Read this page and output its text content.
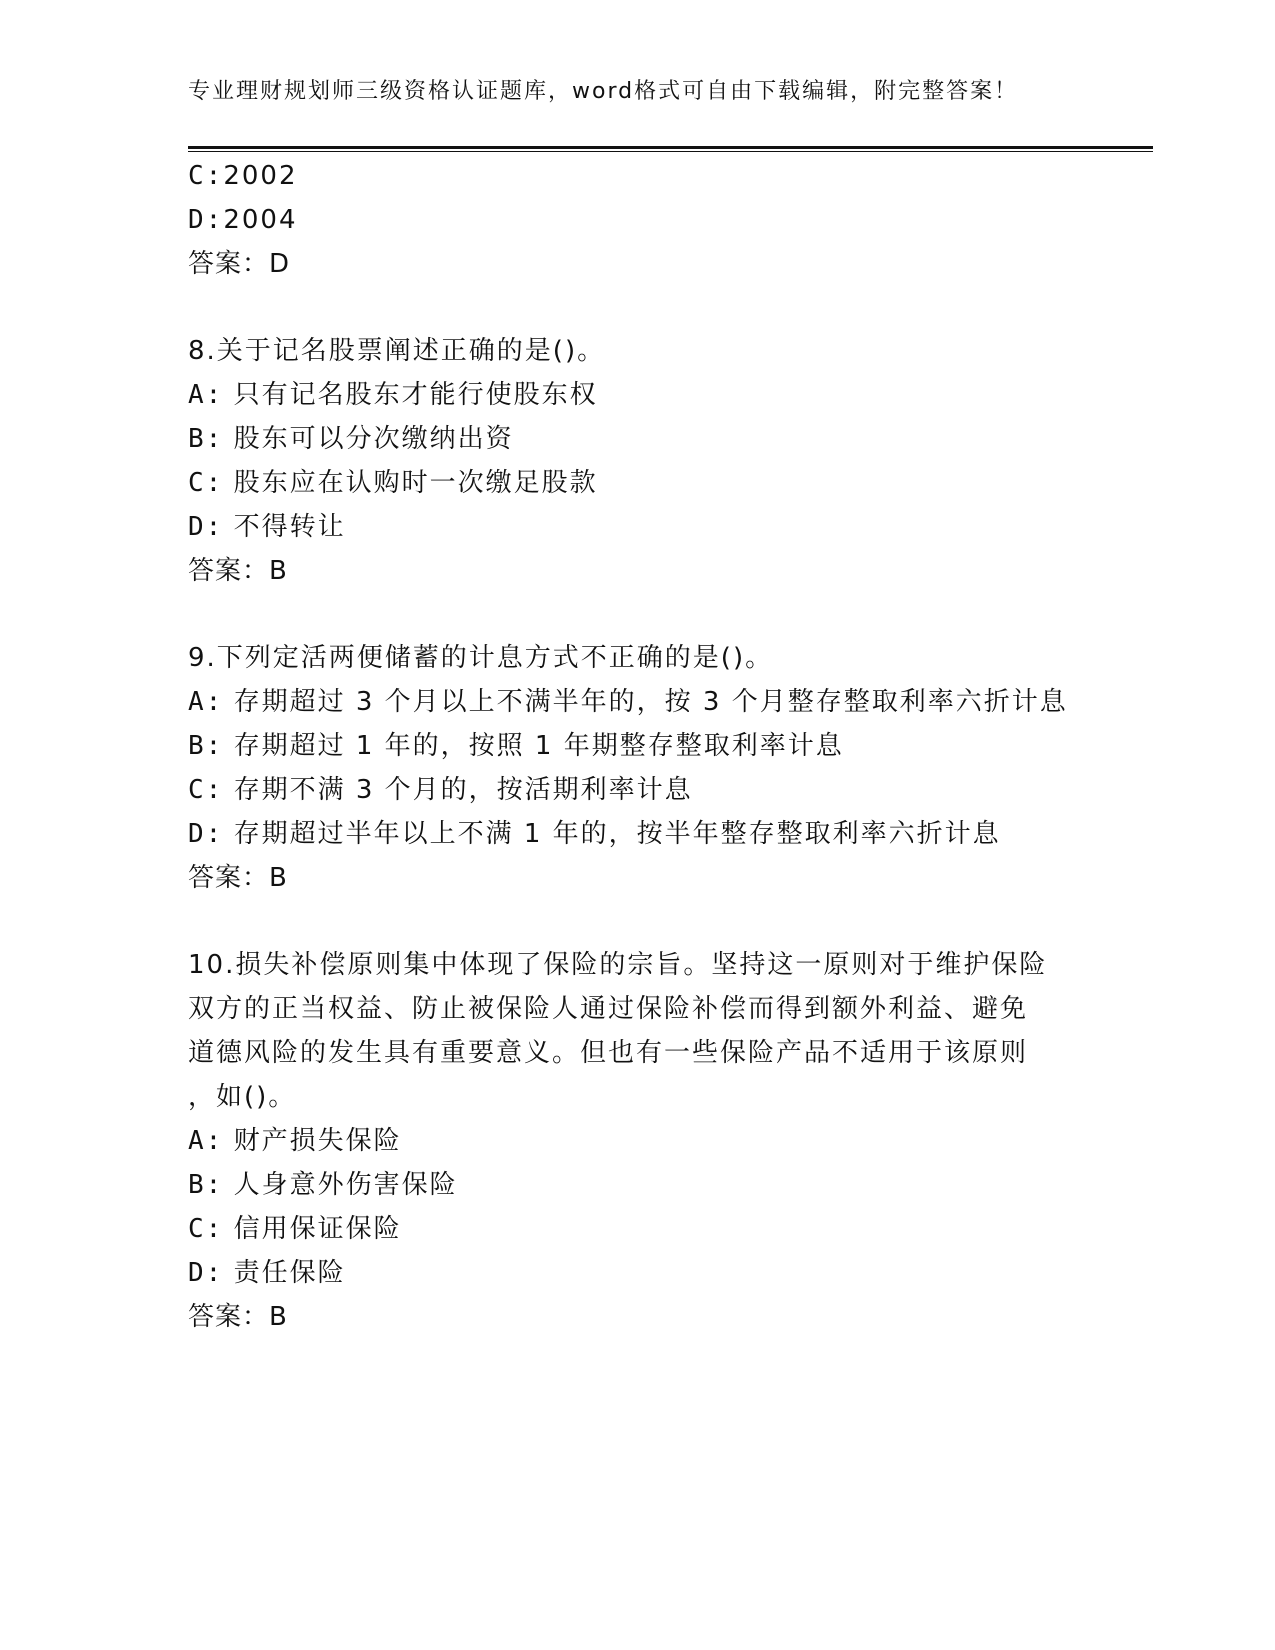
专业理财规划师三级资格认证题库，word格式可自由下载编辑，附完整答案！
C:2002
D:2004
答案：D
8.关于记名股票阐述正确的是()。
A: 只有记名股东才能行使股东权
B: 股东可以分次缴纳出资
C: 股东应在认购时一次缴足股款
D: 不得转让
答案：B
9.下列定活两便储蓄的计息方式不正确的是()。
A: 存期超过 3 个月以上不满半年的，按 3 个月整存整取利率六折计息
B: 存期超过 1 年的，按照 1 年期整存整取利率计息
C: 存期不满 3 个月的，按活期利率计息
D: 存期超过半年以上不满 1 年的，按半年整存整取利率六折计息
答案：B
10.损失补偿原则集中体现了保险的宗旨。坚持这一原则对于维护保险
双方的正当权益、防止被保险人通过保险补偿而得到额外利益、避免
道德风险的发生具有重要意义。但也有一些保险产品不适用于该原则
，如()。
A: 财产损失保险
B: 人身意外伤害保险
C: 信用保证保险
D: 责任保险
答案：B
